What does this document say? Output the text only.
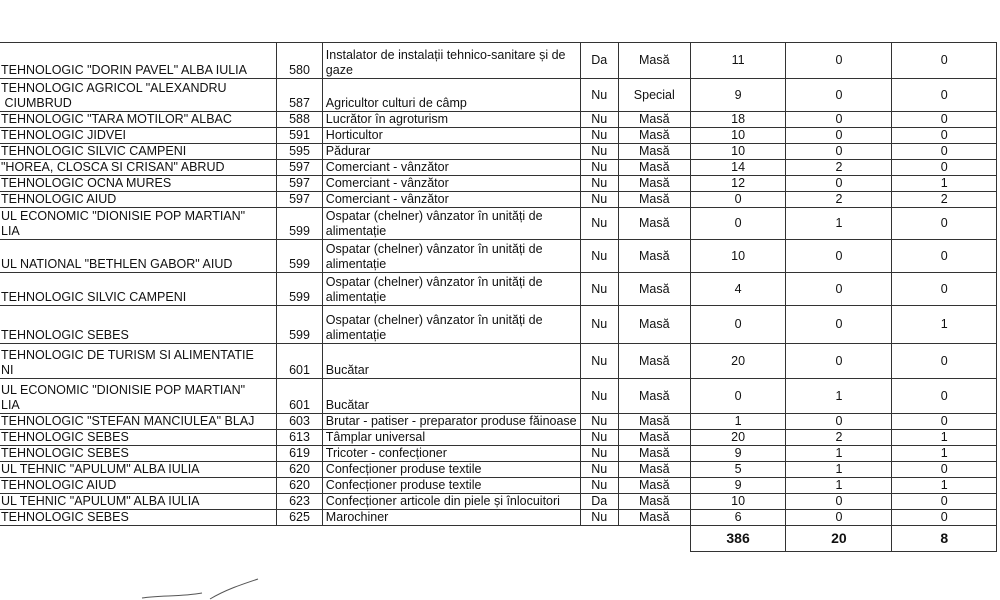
TEHNOLOGIC "DORIN PAVEL" ALBA IULIA	580	Instalator de instalații tehnico-sanitare și de gaze	Da	Masă	11	0	0
TEHNOLOGIC AGRICOL "ALEXANDRU
CIUMBRUD	587	Agricultor culturi de câmp	Nu	Special	9	0	0
TEHNOLOGIC "TARA MOTILOR" ALBAC	588	Lucrător în agroturism	Nu	Masă	18	0	0
TEHNOLOGIC JIDVEI	591	Horticultor	Nu	Masă	10	0	0
TEHNOLOGIC SILVIC CAMPENI	595	Pădurar	Nu	Masă	10	0	0
"HOREA, CLOSCA SI CRISAN" ABRUD	597	Comerciant - vânzător	Nu	Masă	14	2	0
TEHNOLOGIC OCNA MURES	597	Comerciant - vânzător	Nu	Masă	12	0	1
TEHNOLOGIC AIUD	597	Comerciant - vânzător	Nu	Masă	0	2	2
UL ECONOMIC "DIONISIE POP MARTIAN"
LIA	599	Ospatar (chelner) vânzator în unități de alimentație	Nu	Masă	0	1	0
UL NATIONAL "BETHLEN GABOR" AIUD	599	Ospatar (chelner) vânzator în unități de alimentație	Nu	Masă	10	0	0
TEHNOLOGIC SILVIC CAMPENI	599	Ospatar (chelner) vânzator în unități de alimentație	Nu	Masă	4	0	0
TEHNOLOGIC SEBES	599	Ospatar (chelner) vânzator în unități de alimentație	Nu	Masă	0	0	1
TEHNOLOGIC DE TURISM SI ALIMENTATIE
NI	601	Bucătar	Nu	Masă	20	0	0
UL ECONOMIC "DIONISIE POP MARTIAN"
LIA	601	Bucătar	Nu	Masă	0	1	0
TEHNOLOGIC "STEFAN MANCIULEA" BLAJ	603	Brutar - patiser - preparator produse făinoase	Nu	Masă	1	0	0
TEHNOLOGIC SEBES	613	Tâmplar universal	Nu	Masă	20	2	1
TEHNOLOGIC SEBES	619	Tricoter - confecționer	Nu	Masă	9	1	1
UL TEHNIC "APULUM" ALBA IULIA	620	Confecționer produse textile	Nu	Masă	5	1	0
TEHNOLOGIC AIUD	620	Confecționer produse textile	Nu	Masă	9	1	1
UL TEHNIC "APULUM" ALBA IULIA	623	Confecționer articole din piele și înlocuitori	Da	Masă	10	0	0
TEHNOLOGIC SEBES	625	Marochiner	Nu	Masă	6	0	0
					386	20	8
